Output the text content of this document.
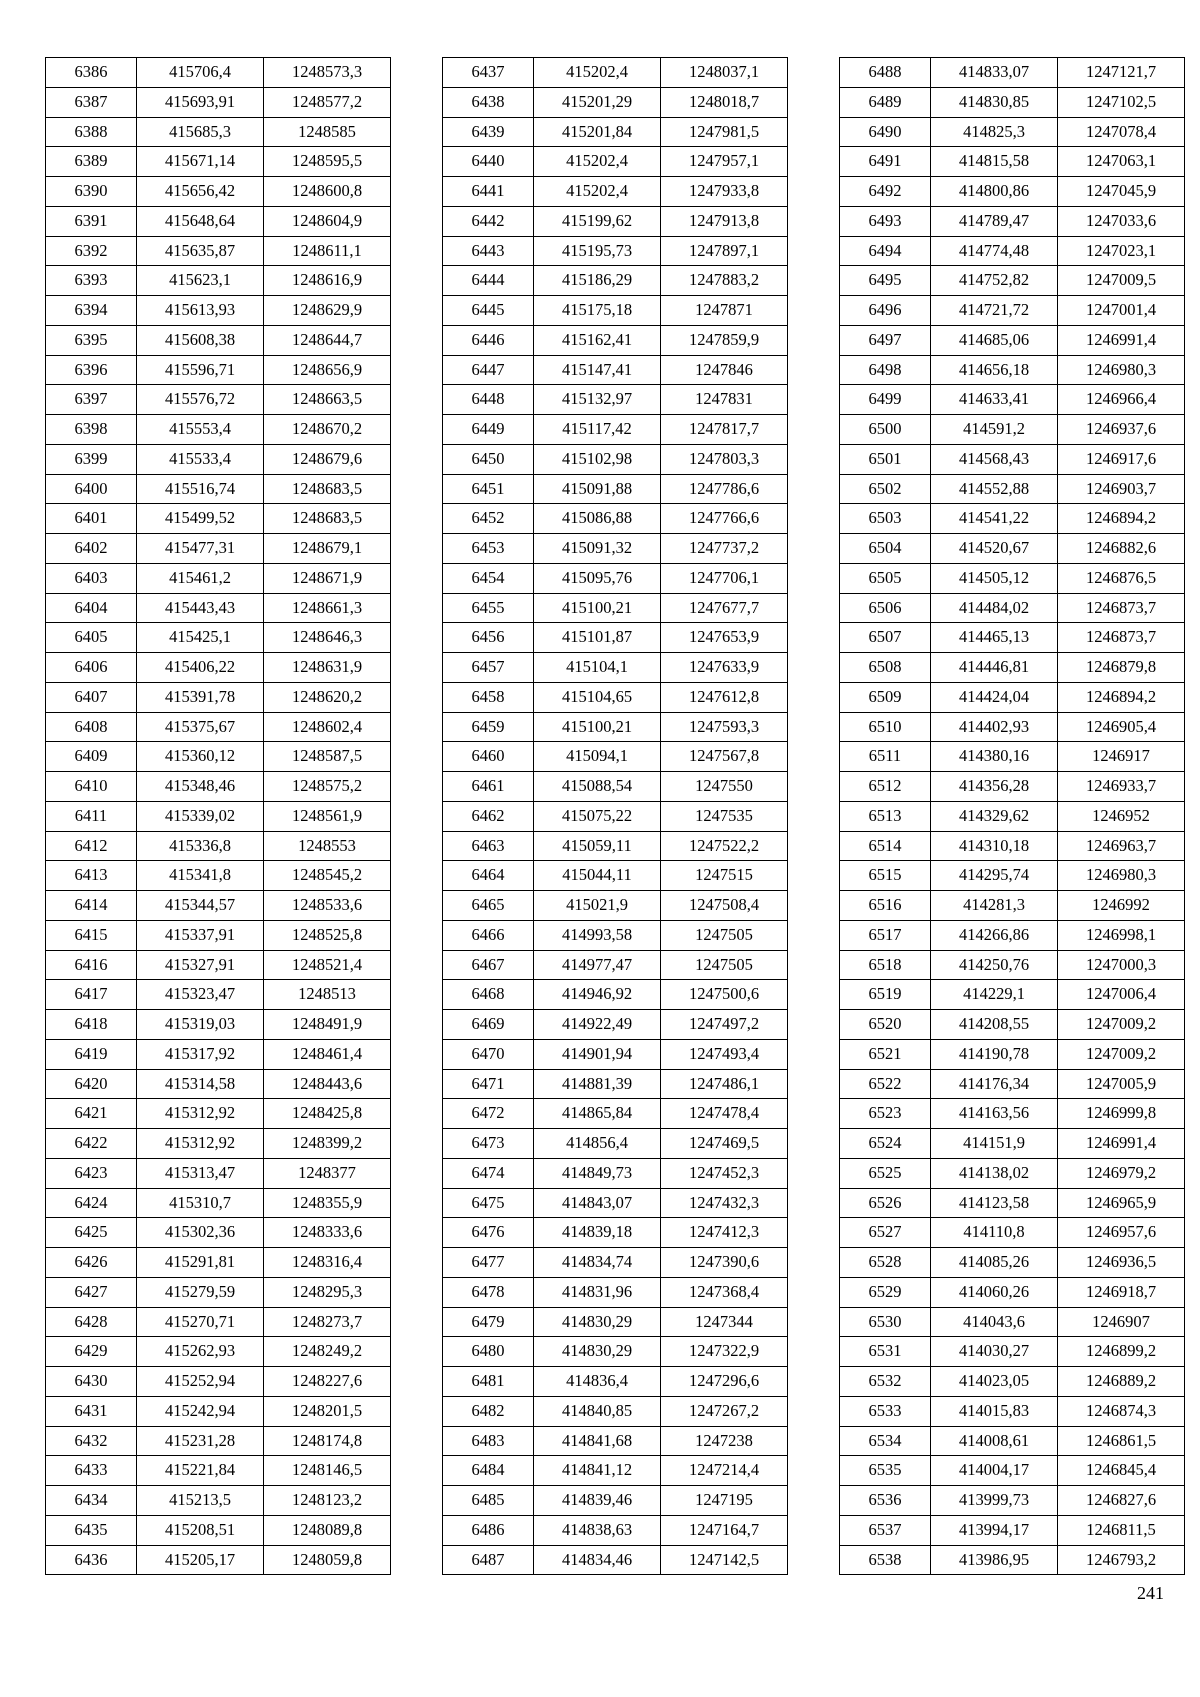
6386	415706,4	1248573,3
6387	415693,91	1248577,2
6388	415685,3	1248585
6389	415671,14	1248595,5
6390	415656,42	1248600,8
6391	415648,64	1248604,9
6392	415635,87	1248611,1
6393	415623,1	1248616,9
6394	415613,93	1248629,9
6395	415608,38	1248644,7
6396	415596,71	1248656,9
6397	415576,72	1248663,5
6398	415553,4	1248670,2
6399	415533,4	1248679,6
6400	415516,74	1248683,5
6401	415499,52	1248683,5
6402	415477,31	1248679,1
6403	415461,2	1248671,9
6404	415443,43	1248661,3
6405	415425,1	1248646,3
6406	415406,22	1248631,9
6407	415391,78	1248620,2
6408	415375,67	1248602,4
6409	415360,12	1248587,5
6410	415348,46	1248575,2
6411	415339,02	1248561,9
6412	415336,8	1248553
6413	415341,8	1248545,2
6414	415344,57	1248533,6
6415	415337,91	1248525,8
6416	415327,91	1248521,4
6417	415323,47	1248513
6418	415319,03	1248491,9
6419	415317,92	1248461,4
6420	415314,58	1248443,6
6421	415312,92	1248425,8
6422	415312,92	1248399,2
6423	415313,47	1248377
6424	415310,7	1248355,9
6425	415302,36	1248333,6
6426	415291,81	1248316,4
6427	415279,59	1248295,3
6428	415270,71	1248273,7
6429	415262,93	1248249,2
6430	415252,94	1248227,6
6431	415242,94	1248201,5
6432	415231,28	1248174,8
6433	415221,84	1248146,5
6434	415213,5	1248123,2
6435	415208,51	1248089,8
6436	415205,17	1248059,8
6437	415202,4	1248037,1
6438	415201,29	1248018,7
6439	415201,84	1247981,5
6440	415202,4	1247957,1
6441	415202,4	1247933,8
6442	415199,62	1247913,8
6443	415195,73	1247897,1
6444	415186,29	1247883,2
6445	415175,18	1247871
6446	415162,41	1247859,9
6447	415147,41	1247846
6448	415132,97	1247831
6449	415117,42	1247817,7
6450	415102,98	1247803,3
6451	415091,88	1247786,6
6452	415086,88	1247766,6
6453	415091,32	1247737,2
6454	415095,76	1247706,1
6455	415100,21	1247677,7
6456	415101,87	1247653,9
6457	415104,1	1247633,9
6458	415104,65	1247612,8
6459	415100,21	1247593,3
6460	415094,1	1247567,8
6461	415088,54	1247550
6462	415075,22	1247535
6463	415059,11	1247522,2
6464	415044,11	1247515
6465	415021,9	1247508,4
6466	414993,58	1247505
6467	414977,47	1247505
6468	414946,92	1247500,6
6469	414922,49	1247497,2
6470	414901,94	1247493,4
6471	414881,39	1247486,1
6472	414865,84	1247478,4
6473	414856,4	1247469,5
6474	414849,73	1247452,3
6475	414843,07	1247432,3
6476	414839,18	1247412,3
6477	414834,74	1247390,6
6478	414831,96	1247368,4
6479	414830,29	1247344
6480	414830,29	1247322,9
6481	414836,4	1247296,6
6482	414840,85	1247267,2
6483	414841,68	1247238
6484	414841,12	1247214,4
6485	414839,46	1247195
6486	414838,63	1247164,7
6487	414834,46	1247142,5
6488	414833,07	1247121,7
6489	414830,85	1247102,5
6490	414825,3	1247078,4
6491	414815,58	1247063,1
6492	414800,86	1247045,9
6493	414789,47	1247033,6
6494	414774,48	1247023,1
6495	414752,82	1247009,5
6496	414721,72	1247001,4
6497	414685,06	1246991,4
6498	414656,18	1246980,3
6499	414633,41	1246966,4
6500	414591,2	1246937,6
6501	414568,43	1246917,6
6502	414552,88	1246903,7
6503	414541,22	1246894,2
6504	414520,67	1246882,6
6505	414505,12	1246876,5
6506	414484,02	1246873,7
6507	414465,13	1246873,7
6508	414446,81	1246879,8
6509	414424,04	1246894,2
6510	414402,93	1246905,4
6511	414380,16	1246917
6512	414356,28	1246933,7
6513	414329,62	1246952
6514	414310,18	1246963,7
6515	414295,74	1246980,3
6516	414281,3	1246992
6517	414266,86	1246998,1
6518	414250,76	1247000,3
6519	414229,1	1247006,4
6520	414208,55	1247009,2
6521	414190,78	1247009,2
6522	414176,34	1247005,9
6523	414163,56	1246999,8
6524	414151,9	1246991,4
6525	414138,02	1246979,2
6526	414123,58	1246965,9
6527	414110,8	1246957,6
6528	414085,26	1246936,5
6529	414060,26	1246918,7
6530	414043,6	1246907
6531	414030,27	1246899,2
6532	414023,05	1246889,2
6533	414015,83	1246874,3
6534	414008,61	1246861,5
6535	414004,17	1246845,4
6536	413999,73	1246827,6
6537	413994,17	1246811,5
6538	413986,95	1246793,2
241
